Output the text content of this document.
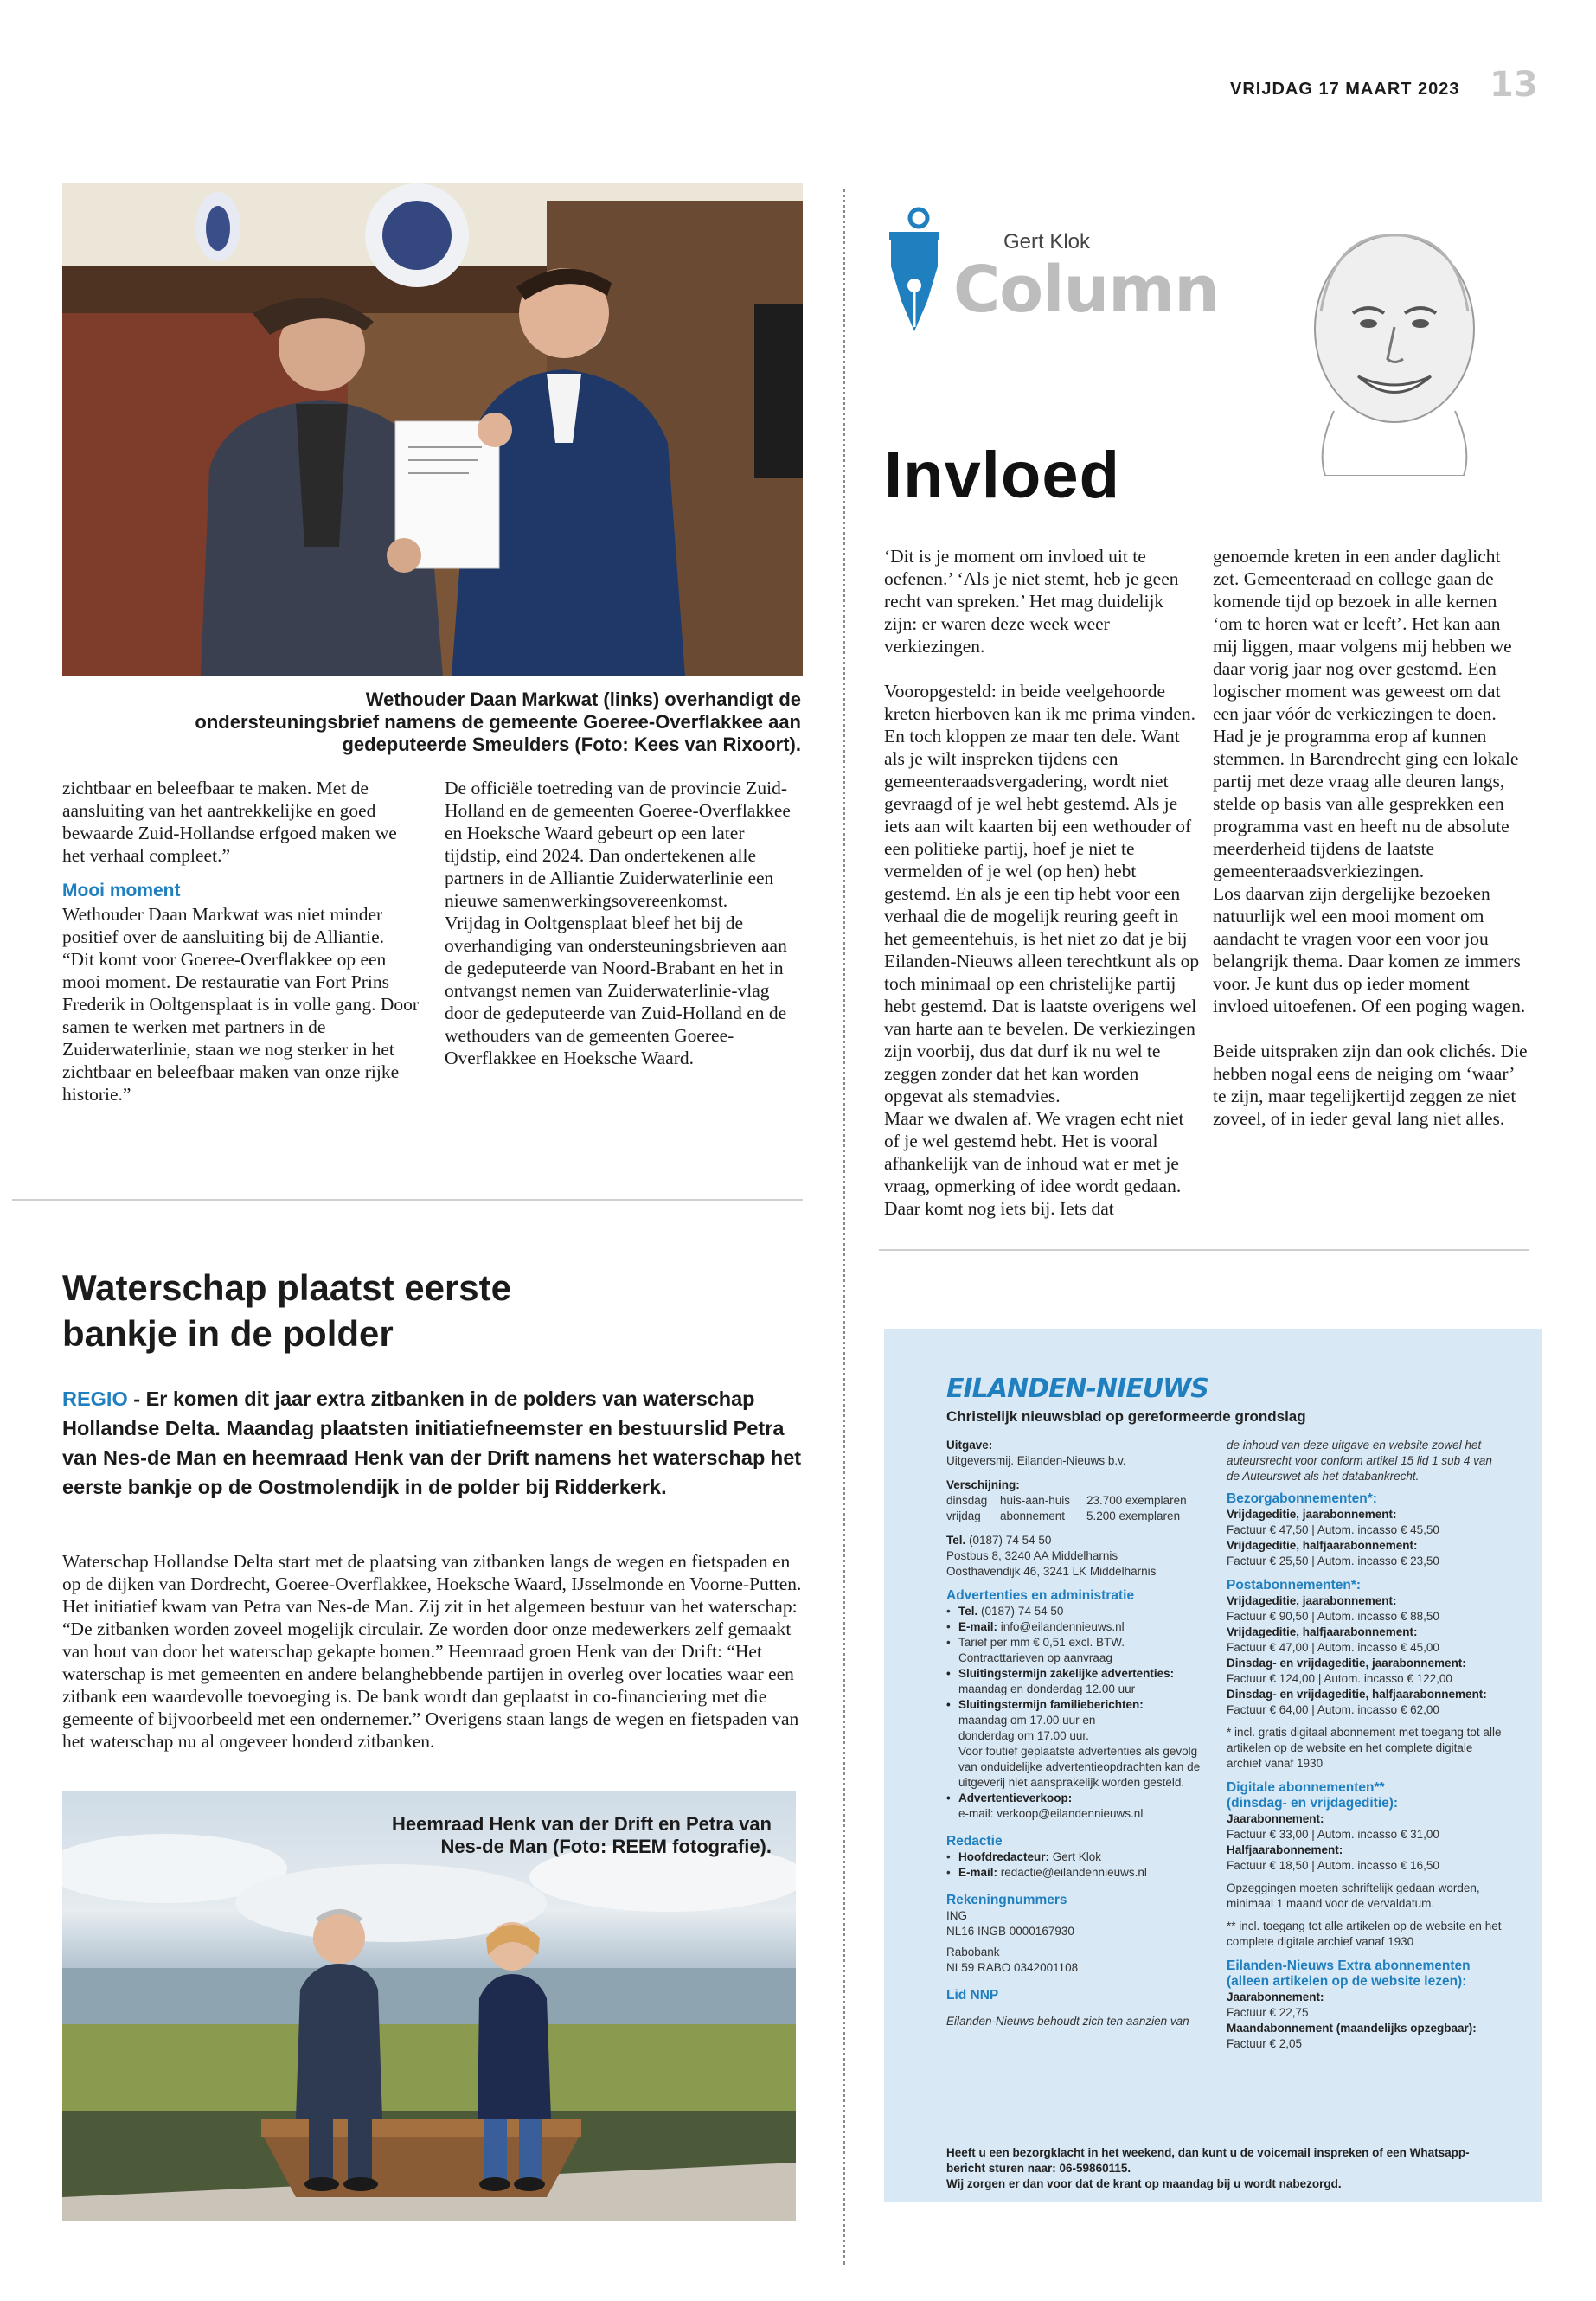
VRIJDAG 17 MAART 2023 13
Wethouder Daan Markwat (links) overhandigt de ondersteuningsbrief namens de gemeente Goeree-Overflakkee aan gedeputeerde Smeulders (Foto: Kees van Rixoort).
zichtbaar en beleefbaar te maken. Met de aansluiting van het aantrekkelijke en goed bewaarde Zuid-Hollandse erfgoed maken we het verhaal compleet.”
Mooi moment
Wethouder Daan Markwat was niet minder positief over de aansluiting bij de Alliantie. “Dit komt voor Goeree-Overflakkee op een mooi moment. De restauratie van Fort Prins Frederik in Ooltgensplaat is in volle gang. Door samen te werken met partners in de Zuiderwaterlinie, staan we nog sterker in het zichtbaar en beleefbaar maken van onze rijke historie.”
De officiële toetreding van de provincie Zuid-Holland en de gemeenten Goeree-Overflakkee en Hoeksche Waard gebeurt op een later tijdstip, eind 2024. Dan ondertekenen alle partners in de Alliantie Zuiderwaterlinie een nieuwe samenwerkingsovereenkomst.
Vrijdag in Ooltgensplaat bleef het bij de overhandiging van ondersteuningsbrieven aan de gedeputeerde van Noord-Brabant en het in ontvangst nemen van Zuiderwaterlinie-vlag door de gedeputeerde van Zuid-Holland en de wethouders van de gemeenten Goeree-Overflakkee en Hoeksche Waard.
Gert Klok
Column
Invloed
‘Dit is je moment om invloed uit te oefenen.’ ‘Als je niet stemt, heb je geen recht van spreken.’ Het mag duidelijk zijn: er waren deze week weer verkiezingen.

Vooropgesteld: in beide veelgehoorde kreten hierboven kan ik me prima vinden. En toch kloppen ze maar ten dele. Want als je wilt inspreken tijdens een gemeenteraadsvergadering, wordt niet gevraagd of je wel hebt gestemd. Als je iets aan wilt kaarten bij een wethouder of een politieke partij, hoef je niet te vermelden of je wel (op hen) hebt gestemd. En als je een tip hebt voor een verhaal die de mogelijk reuring geeft in het gemeentehuis, is het niet zo dat je bij Eilanden-Nieuws alleen terechtkunt als op toch minimaal op een christelijke partij hebt gestemd. Dat is laatste overigens wel van harte aan te bevelen. De verkiezingen zijn voorbij, dus dat durf ik nu wel te zeggen zonder dat het kan worden opgevat als stemadvies.
Maar we dwalen af. We vragen echt niet of je wel gestemd hebt. Het is vooral afhankelijk van de inhoud wat er met je vraag, opmerking of idee wordt gedaan. Daar komt nog iets bij. Iets dat
genoemde kreten in een ander daglicht zet. Gemeenteraad en college gaan de komende tijd op bezoek in alle kernen ‘om te horen wat er leeft’. Het kan aan mij liggen, maar volgens mij hebben we daar vorig jaar nog over gestemd. Een logischer moment was geweest om dat een jaar vóór de verkiezingen te doen. Had je je programma erop af kunnen stemmen. In Barendrecht ging een lokale partij met deze vraag alle deuren langs, stelde op basis van alle gesprekken een programma vast en heeft nu de absolute meerderheid tijdens de laatste gemeenteraadsverkiezingen.
Los daarvan zijn dergelijke bezoeken natuurlijk wel een mooi moment om aandacht te vragen voor een voor jou belangrijk thema. Daar komen ze immers voor. Je kunt dus op ieder moment invloed uitoefenen. Of een poging wagen.

Beide uitspraken zijn dan ook clichés. Die hebben nogal eens de neiging om ‘waar’ te zijn, maar tegelijkertijd zeggen ze niet zoveel, of in ieder geval lang niet alles.
Waterschap plaatst eerste bankje in de polder
REGIO - Er komen dit jaar extra zitbanken in de polders van waterschap Hollandse Delta. Maandag plaatsten initiatiefneemster en bestuurslid Petra van Nes-de Man en heemraad Henk van der Drift namens het waterschap het eerste bankje op de Oostmolendijk in de polder bij Ridderkerk.
Waterschap Hollandse Delta start met de plaatsing van zitbanken langs de wegen en fietspaden en op de dijken van Dordrecht, Goeree-Overflakkee, Hoeksche Waard, IJsselmonde en Voorne-Putten. Het initiatief kwam van Petra van Nes-de Man. Zij zit in het algemeen bestuur van het waterschap: “De zitbanken worden zoveel mogelijk circulair. Ze worden door onze medewerkers zelf gemaakt van hout van door het waterschap gekapte bomen.” Heemraad groen Henk van der Drift: “Het waterschap is met gemeenten en andere belanghebbende partijen in overleg over locaties waar een zitbank een waardevolle toevoeging is. De bank wordt dan geplaatst in co-financiering met die gemeente of bijvoorbeeld met een ondernemer.” Overigens staan langs de wegen en fietspaden van het waterschap nu al ongeveer honderd zitbanken.
Heemraad Henk van der Drift en Petra van Nes-de Man (Foto: REEM fotografie).
EILANDEN-NIEUWS
Christelijk nieuwsblad op gereformeerde grondslag
Uitgave:
Uitgeversmij. Eilanden-Nieuws b.v.
Verschijning:
dinsdag	huis-aan-huis	23.700 exemplaren
vrijdag	abonnement	5.200 exemplaren
Tel. (0187) 74 54 50
Postbus 8, 3240 AA Middelharnis
Oosthavendijk 46, 3241 LK Middelharnis
Advertenties en administratie
• Tel. (0187) 74 54 50
• E-mail: info@eilandennieuws.nl
• Tarief per mm € 0,51 excl. BTW.
Contracttarieven op aanvraag
• Sluitingstermijn zakelijke advertenties:
maandag en donderdag 12.00 uur
• Sluitingstermijn familieberichten:
maandag om 17.00 uur en
donderdag om 17.00 uur.
Voor foutief geplaatste advertenties als gevolg van onduidelijke advertentieopdrachten kan de uitgeverij niet aansprakelijk worden gesteld.
• Advertentieverkoop:
e-mail: verkoop@eilandennieuws.nl
Redactie
• Hoofdredacteur: Gert Klok
• E-mail: redactie@eilandennieuws.nl
Rekeningnummers
ING
NL16 INGB 0000167930
Rabobank
NL59 RABO 0342001108
Lid NNP
Eilanden-Nieuws behoudt zich ten aanzien van
de inhoud van deze uitgave en website zowel het auteursrecht voor conform artikel 15 lid 1 sub 4 van de Auteurswet als het databankrecht.
Bezorgabonnementen*:
Vrijdageditie, jaarabonnement:
Factuur € 47,50 | Autom. incasso € 45,50
Vrijdageditie, halfjaarabonnement:
Factuur € 25,50 | Autom. incasso € 23,50
Postabonnementen*:
Vrijdageditie, jaarabonnement:
Factuur € 90,50 | Autom. incasso € 88,50
Vrijdageditie, halfjaarabonnement:
Factuur € 47,00 | Autom. incasso € 45,00
Dinsdag- en vrijdageditie, jaarabonnement:
Factuur € 124,00 | Autom. incasso € 122,00
Dinsdag- en vrijdageditie, halfjaarabonnement:
Factuur € 64,00 | Autom. incasso € 62,00
* incl. gratis digitaal abonnement met toegang tot alle artikelen op de website en het complete digitale archief vanaf 1930
Digitale abonnementen**
(dinsdag- en vrijdageditie):
Jaarabonnement:
Factuur € 33,00 | Autom. incasso € 31,00
Halfjaarabonnement:
Factuur € 18,50 | Autom. incasso € 16,50
Opzeggingen moeten schriftelijk gedaan worden, minimaal 1 maand voor de vervaldatum.
** incl. toegang tot alle artikelen op de website en het complete digitale archief vanaf 1930
Eilanden-Nieuws Extra abonnementen
(alleen artikelen op de website lezen):
Jaarabonnement:
Factuur € 22,75
Maandabonnement (maandelijks opzegbaar):
Factuur € 2,05
Heeft u een bezorgklacht in het weekend, dan kunt u de voicemail inspreken of een Whatsapp-bericht sturen naar: 06-59860115.
Wij zorgen er dan voor dat de krant op maandag bij u wordt nabezorgd.
